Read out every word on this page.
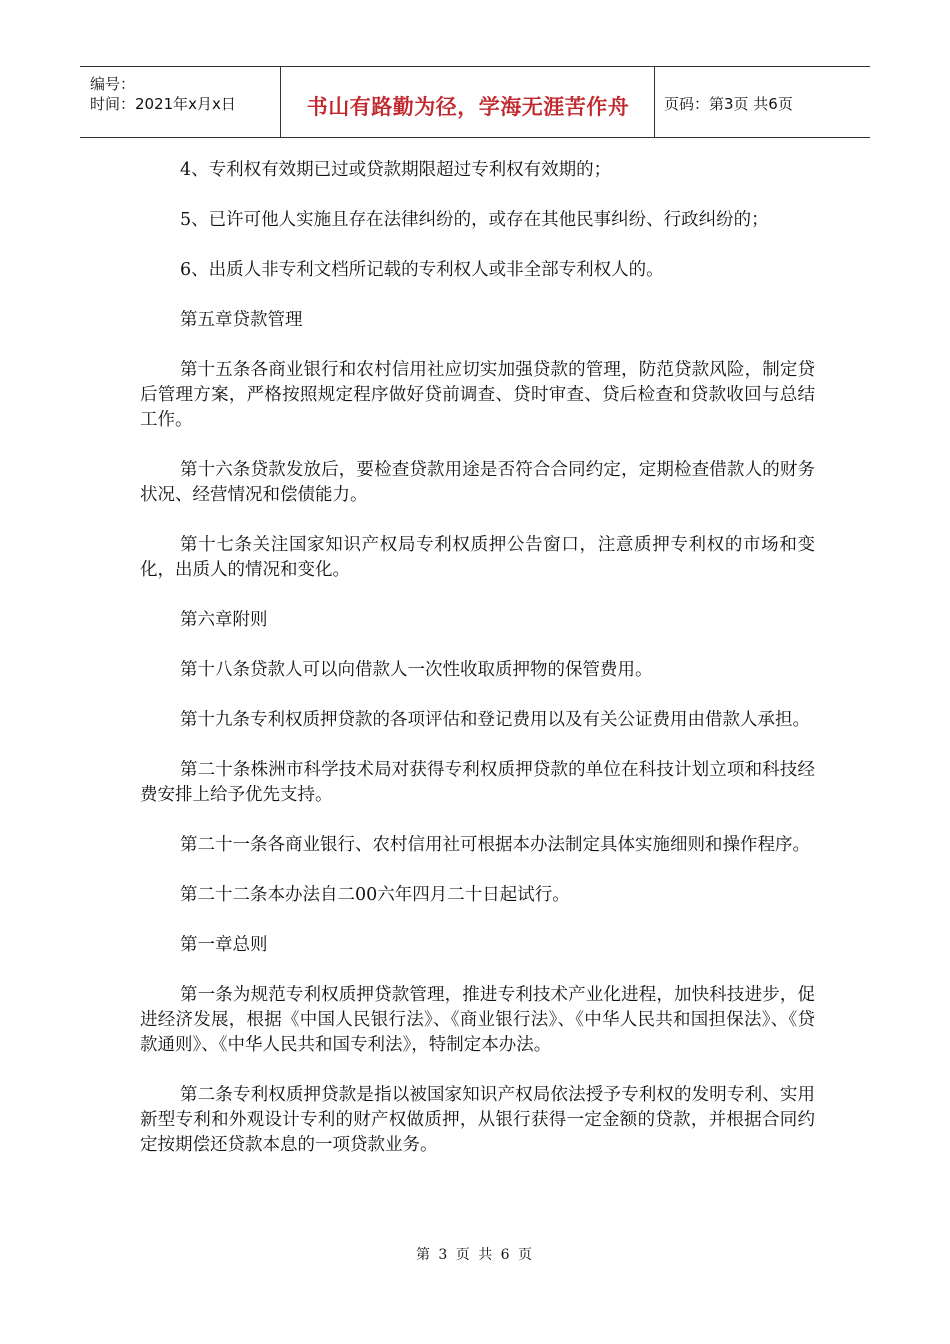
编号：
时间：2021年x月x日	书山有路勤为径，学海无涯苦作舟	页码：第3页 共6页

4、专利权有效期已过或贷款期限超过专利权有效期的；

5、已许可他人实施且存在法律纠纷的，或存在其他民事纠纷、行政纠纷的；

6、出质人非专利文档所记载的专利权人或非全部专利权人的。

第五章贷款管理

第十五条各商业银行和农村信用社应切实加强贷款的管理，防范贷款风险，制定贷后管理方案，严格按照规定程序做好贷前调查、贷时审查、贷后检查和贷款收回与总结工作。

第十六条贷款发放后，要检查贷款用途是否符合合同约定，定期检查借款人的财务状况、经营情况和偿债能力。

第十七条关注国家知识产权局专利权质押公告窗口，注意质押专利权的市场和变化，出质人的情况和变化。

第六章附则

第十八条贷款人可以向借款人一次性收取质押物的保管费用。

第十九条专利权质押贷款的各项评估和登记费用以及有关公证费用由借款人承担。

第二十条株洲市科学技术局对获得专利权质押贷款的单位在科技计划立项和科技经费安排上给予优先支持。

第二十一条各商业银行、农村信用社可根据本办法制定具体实施细则和操作程序。

第二十二条本办法自二00六年四月二十日起试行。

第一章总则

第一条为规范专利权质押贷款管理，推进专利技术产业化进程，加快科技进步，促进经济发展，根据《中国人民银行法》、《商业银行法》、《中华人民共和国担保法》、《贷款通则》、《中华人民共和国专利法》，特制定本办法。

第二条专利权质押贷款是指以被国家知识产权局依法授予专利权的发明专利、实用新型专利和外观设计专利的财产权做质押，从银行获得一定金额的贷款，并根据合同约定按期偿还贷款本息的一项贷款业务。

第 3 页 共 6 页
